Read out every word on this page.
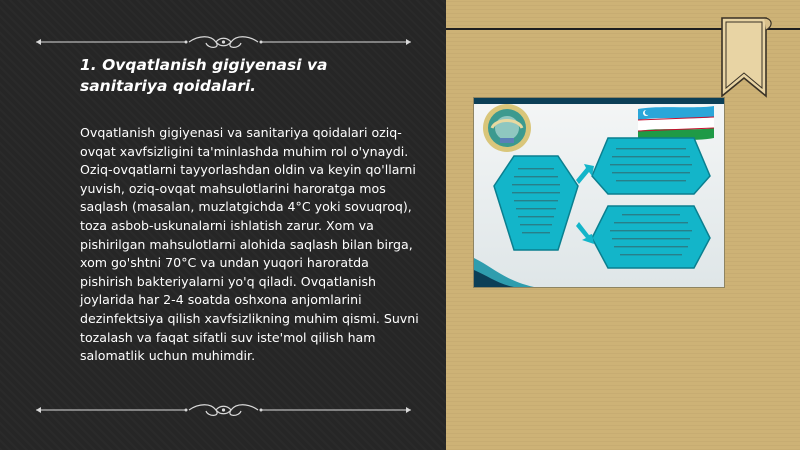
1. Ovqatlanish gigiyenasi va
sanitariya qoidalari.

Ovqatlanish gigiyenasi va sanitariya qoidalari oziq-ovqat xavfsizligini ta'minlashda muhim rol o'ynaydi. Oziq-ovqatlarni tayyorlashdan oldin va keyin qo'llarni yuvish, oziq-ovqat mahsulotlarini haroratga mos saqlash (masalan, muzlatgichda 4°C yoki sovuqroq), toza asbob-uskunalarni ishlatish zarur. Xom va pishirilgan mahsulotlarni alohida saqlash bilan birga, xom go'shtni 70°C va undan yuqori haroratda pishirish bakteriyalarni yo'q qiladi. Ovqatlanish joylarida har 2-4 soatda oshxona anjomlarini dezinfektsiya qilish xavfsizlikning muhim qismi. Suvni tozalash va faqat sifatli suv iste'mol qilish ham salomatlik uchun muhimdir.
